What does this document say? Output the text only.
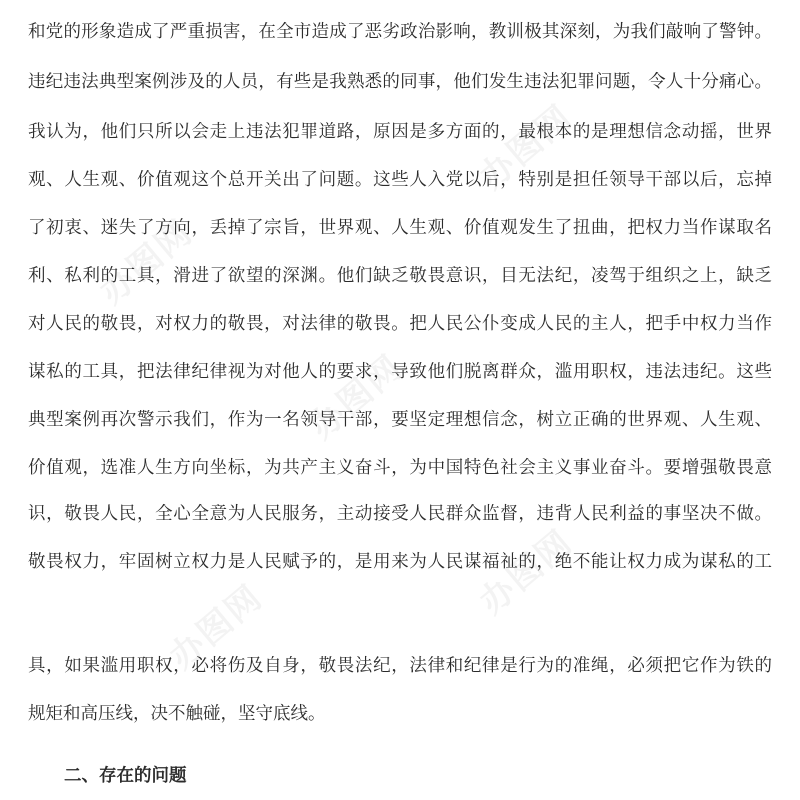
办图网
办图网
办图网
办图网
办图网
和党的形象造成了严重损害，在全市造成了恶劣政治影响，教训极其深刻，为我们敲响了警钟。
违纪违法典型案例涉及的人员，有些是我熟悉的同事，他们发生违法犯罪问题，令人十分痛心。
我认为，他们只所以会走上违法犯罪道路，原因是多方面的，最根本的是理想信念动摇，世界
观、人生观、价值观这个总开关出了问题。这些人入党以后，特别是担任领导干部以后，忘掉
了初衷、迷失了方向，丢掉了宗旨，世界观、人生观、价值观发生了扭曲，把权力当作谋取名
利、私利的工具，滑进了欲望的深渊。他们缺乏敬畏意识，目无法纪，凌驾于组织之上，缺乏
对人民的敬畏，对权力的敬畏，对法律的敬畏。把人民公仆变成人民的主人，把手中权力当作
谋私的工具，把法律纪律视为对他人的要求，导致他们脱离群众，滥用职权，违法违纪。这些
典型案例再次警示我们，作为一名领导干部，要坚定理想信念，树立正确的世界观、人生观、
价值观，选准人生方向坐标，为共产主义奋斗，为中国特色社会主义事业奋斗。要增强敬畏意
识，敬畏人民，全心全意为人民服务，主动接受人民群众监督，违背人民利益的事坚决不做。
敬畏权力，牢固树立权力是人民赋予的，是用来为人民谋福祉的，绝不能让权力成为谋私的工
具，如果滥用职权，必将伤及自身，敬畏法纪，法律和纪律是行为的准绳，必须把它作为铁的
规矩和高压线，决不触碰，坚守底线。
二、存在的问题
